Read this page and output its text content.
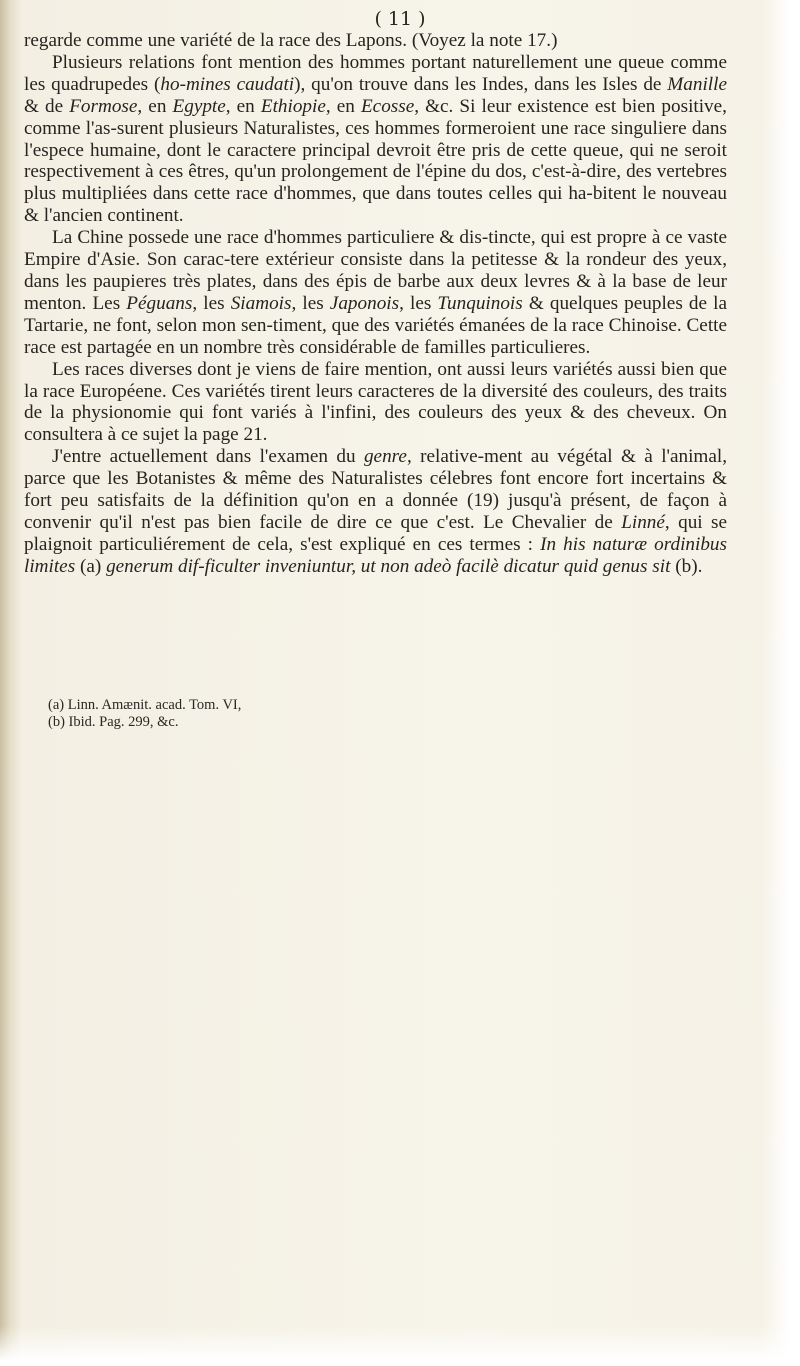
( 11 )

regarde comme une variété de la race des Lapons. (Voyez la note 17.)

Plusieurs relations font mention des hommes portant naturellement une queue comme les quadrupedes (ho-mines caudati), qu'on trouve dans les Indes, dans les Isles de Manille & de Formose, en Egypte, en Ethiopie, en Ecosse, &c. Si leur existence est bien positive, comme l'as-surent plusieurs Naturalistes, ces hommes formeroient une race singuliere dans l'espece humaine, dont le caractere principal devroit être pris de cette queue, qui ne seroit respectivement à ces êtres, qu'un prolongement de l'épine du dos, c'est-à-dire, des vertebres plus multipliées dans cette race d'hommes, que dans toutes celles qui ha-bitent le nouveau & l'ancien continent.

La Chine possede une race d'hommes particuliere & dis-tincte, qui est propre à ce vaste Empire d'Asie. Son carac-tere extérieur consiste dans la petitesse & la rondeur des yeux, dans les paupieres très plates, dans des épis de barbe aux deux levres & à la base de leur menton. Les Péguans, les Siamois, les Japonois, les Tunquinois & quelques peuples de la Tartarie, ne font, selon mon sen-timent, que des variétés émanées de la race Chinoise. Cette race est partagée en un nombre très considérable de familles particulieres.

Les races diverses dont je viens de faire mention, ont aussi leurs variétés aussi bien que la race Européene. Ces variétés tirent leurs caracteres de la diversité des couleurs, des traits de la physionomie qui font variés à l'infini, des couleurs des yeux & des cheveux. On consultera à ce sujet la page 21.

J'entre actuellement dans l'examen du genre, relative-ment au végétal & à l'animal, parce que les Botanistes & même des Naturalistes célebres font encore fort incertains & fort peu satisfaits de la définition qu'on en a donnée (19) jusqu'à présent, de façon à convenir qu'il n'est pas bien facile de dire ce que c'est. Le Chevalier de Linné, qui se plaignoit particuliérement de cela, s'est expliqué en ces termes : In his naturæ ordinibus limites (a) generum dif-ficulter inveniuntur, ut non adeò facilè dicatur quid genus sit (b).

(a) Linn. Amænit. acad. Tom. VI,

(b) Ibid. Pag. 299, &c.
